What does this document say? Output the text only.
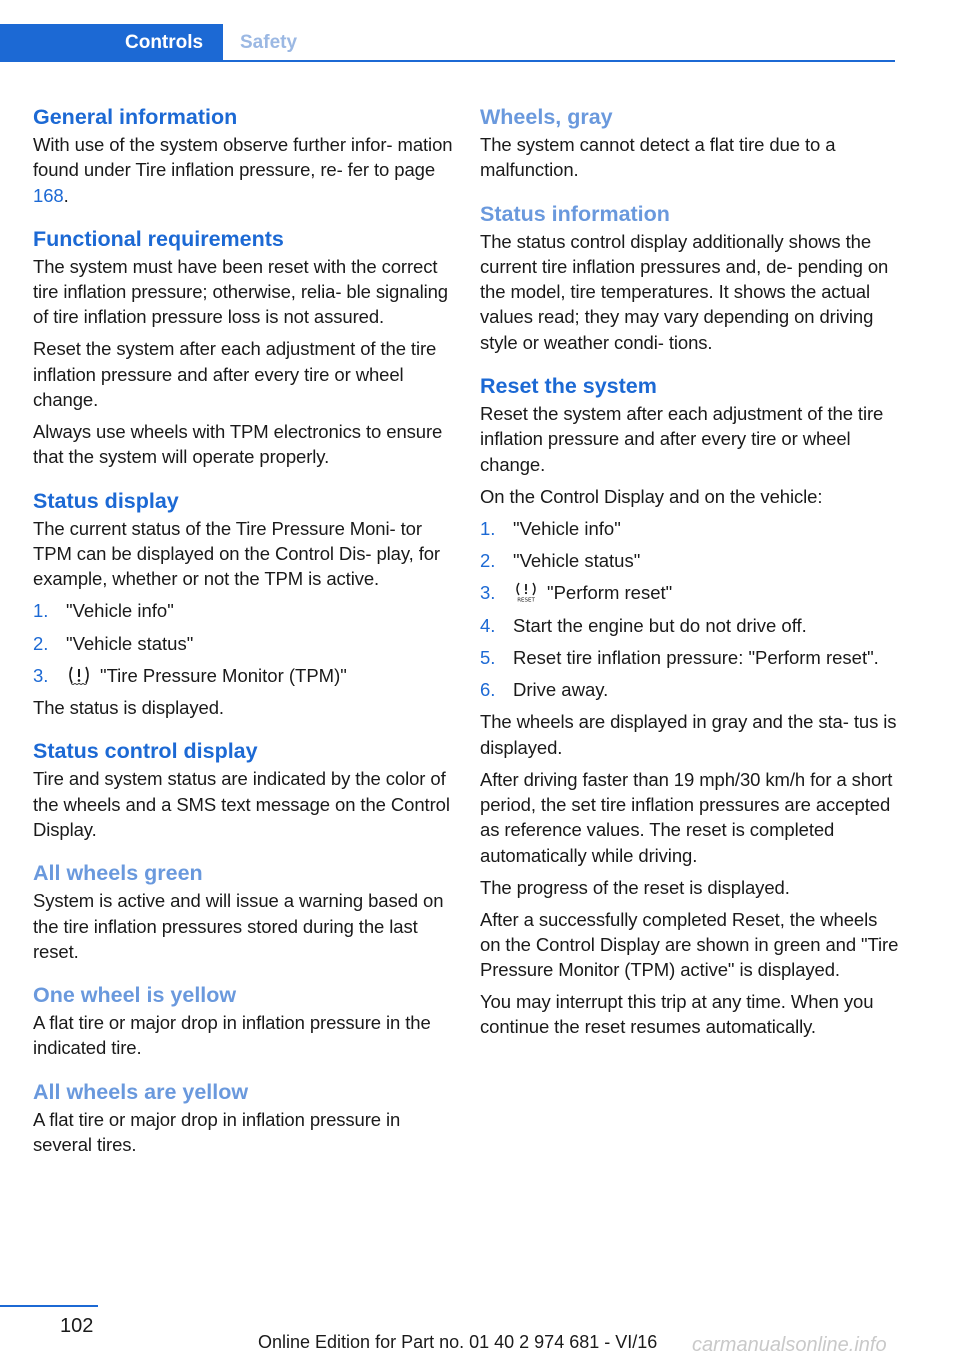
Controls	Safety
General information

With use of the system observe further infor‐ mation found under Tire inflation pressure, re‐ fer to page 168.

Functional requirements

The system must have been reset with the correct tire inflation pressure; otherwise, relia‐ ble signaling of tire inflation pressure loss is not assured.

Reset the system after each adjustment of the tire inflation pressure and after every tire or wheel change.

Always use wheels with TPM electronics to ensure that the system will operate properly.

Status display

The current status of the Tire Pressure Moni‐ tor TPM can be displayed on the Control Dis‐ play, for example, whether or not the TPM is active.

1. "Vehicle info"
2. "Vehicle status"
3.	"Tire Pressure Monitor (TPM)"

The status is displayed.

Status control display

Tire and system status are indicated by the color of the wheels and a SMS text message on the Control Display.

All wheels green

System is active and will issue a warning based on the tire inflation pressures stored during the last reset.

One wheel is yellow

A flat tire or major drop in inflation pressure in the indicated tire.

All wheels are yellow

A flat tire or major drop in inflation pressure in several tires.

Wheels, gray

The system cannot detect a flat tire due to a malfunction.

Status information

The status control display additionally shows the current tire inflation pressures and, de‐ pending on the model, tire temperatures. It shows the actual values read; they may vary depending on driving style or weather condi‐ tions.

Reset the system

Reset the system after each adjustment of the tire inflation pressure and after every tire or wheel change.

On the Control Display and on the vehicle:

1. "Vehicle info"
2. "Vehicle status"
3.	RESET "Perform reset"
4. Start the engine but do not drive off.
5. Reset tire inflation pressure: "Perform reset".
6. Drive away.

The wheels are displayed in gray and the sta‐ tus is displayed.

After driving faster than 19 mph/30 km/h for a short period, the set tire inflation pressures are accepted as reference values. The reset is completed automatically while driving.

The progress of the reset is displayed.

After a successfully completed Reset, the wheels on the Control Display are shown in green and "Tire Pressure Monitor (TPM) active" is displayed.

You may interrupt this trip at any time. When you continue the reset resumes automatically.

102
Online Edition for Part no. 01 40 2 974 681 - VI/16 carmanualsonline.info
